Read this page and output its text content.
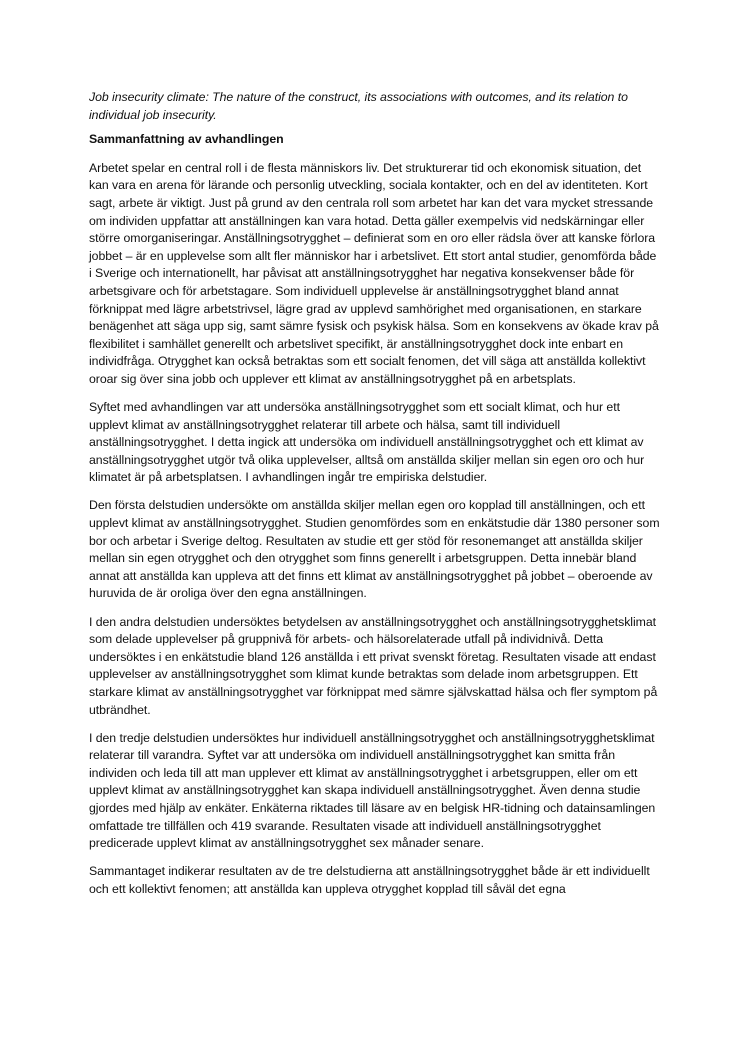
Job insecurity climate: The nature of the construct, its associations with outcomes, and its relation to individual job insecurity.

Sammanfattning av avhandlingen

Arbetet spelar en central roll i de flesta människors liv. Det strukturerar tid och ekonomisk situation, det kan vara en arena för lärande och personlig utveckling, sociala kontakter, och en del av identiteten. Kort sagt, arbete är viktigt. Just på grund av den centrala roll som arbetet har kan det vara mycket stressande om individen uppfattar att anställningen kan vara hotad. Detta gäller exempelvis vid nedskärningar eller större omorganiseringar. Anställningsotrygghet – definierat som en oro eller rädsla över att kanske förlora jobbet – är en upplevelse som allt fler människor har i arbetslivet. Ett stort antal studier, genomförda både i Sverige och internationellt, har påvisat att anställningsotrygghet har negativa konsekvenser både för arbetsgivare och för arbetstagare. Som individuell upplevelse är anställningsotrygghet bland annat förknippat med lägre arbetstrivsel, lägre grad av upplevd samhörighet med organisationen, en starkare benägenhet att säga upp sig, samt sämre fysisk och psykisk hälsa. Som en konsekvens av ökade krav på flexibilitet i samhället generellt och arbetslivet specifikt, är anställningsotrygghet dock inte enbart en individfråga. Otrygghet kan också betraktas som ett socialt fenomen, det vill säga att anställda kollektivt oroar sig över sina jobb och upplever ett klimat av anställningsotrygghet på en arbetsplats.

Syftet med avhandlingen var att undersöka anställningsotrygghet som ett socialt klimat, och hur ett upplevt klimat av anställningsotrygghet relaterar till arbete och hälsa, samt till individuell anställningsotrygghet. I detta ingick att undersöka om individuell anställningsotrygghet och ett klimat av anställningsotrygghet utgör två olika upplevelser, alltså om anställda skiljer mellan sin egen oro och hur klimatet är på arbetsplatsen. I avhandlingen ingår tre empiriska delstudier.

Den första delstudien undersökte om anställda skiljer mellan egen oro kopplad till anställningen, och ett upplevt klimat av anställningsotrygghet. Studien genomfördes som en enkätstudie där 1380 personer som bor och arbetar i Sverige deltog. Resultaten av studie ett ger stöd för resonemanget att anställda skiljer mellan sin egen otrygghet och den otrygghet som finns generellt i arbetsgruppen. Detta innebär bland annat att anställda kan uppleva att det finns ett klimat av anställningsotrygghet på jobbet – oberoende av huruvida de är oroliga över den egna anställningen.

I den andra delstudien undersöktes betydelsen av anställningsotrygghet och anställningsotrygghetsklimat som delade upplevelser på gruppnivå för arbets- och hälsorelaterade utfall på individnivå. Detta undersöktes i en enkätstudie bland 126 anställda i ett privat svenskt företag. Resultaten visade att endast upplevelser av anställningsotrygghet som klimat kunde betraktas som delade inom arbetsgruppen. Ett starkare klimat av anställningsotrygghet var förknippat med sämre självskattad hälsa och fler symptom på utbrändhet.

I den tredje delstudien undersöktes hur individuell anställningsotrygghet och anställningsotrygghetsklimat relaterar till varandra. Syftet var att undersöka om individuell anställningsotrygghet kan smitta från individen och leda till att man upplever ett klimat av anställningsotrygghet i arbetsgruppen, eller om ett upplevt klimat av anställningsotrygghet kan skapa individuell anställningsotrygghet. Även denna studie gjordes med hjälp av enkäter. Enkäterna riktades till läsare av en belgisk HR-tidning och datainsamlingen omfattade tre tillfällen och 419 svarande. Resultaten visade att individuell anställningsotrygghet predicerade upplevt klimat av anställningsotrygghet sex månader senare.

Sammantaget indikerar resultaten av de tre delstudierna att anställningsotrygghet både är ett individuellt och ett kollektivt fenomen; att anställda kan uppleva otrygghet kopplad till såväl det egna
